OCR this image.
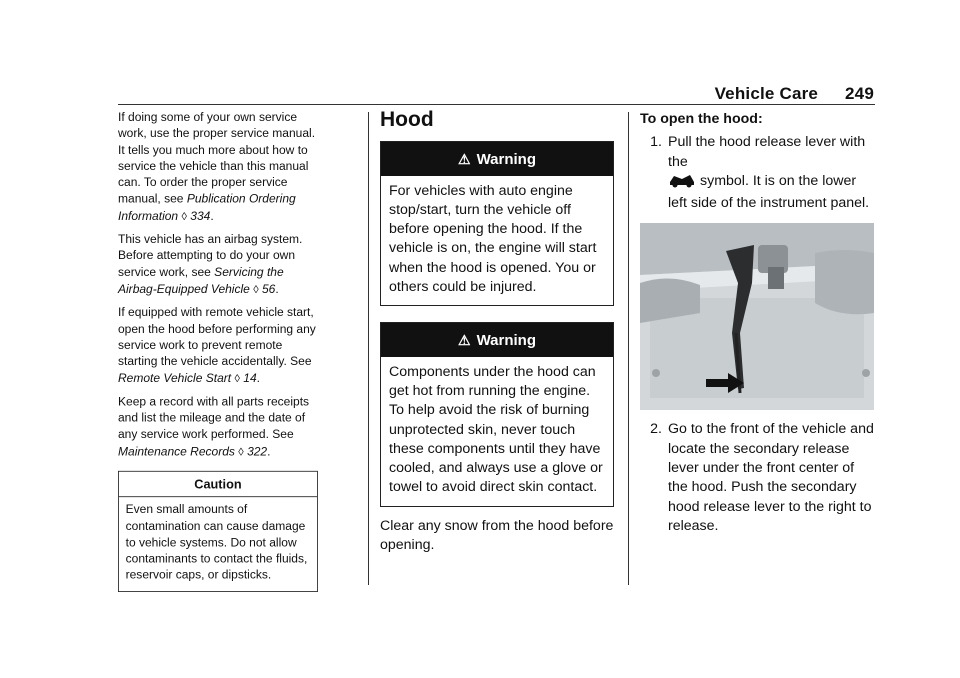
Vehicle Care 249

If doing some of your own service work, use the proper service manual. It tells you much more about how to service the vehicle than this manual can. To order the proper service manual, see Publication Ordering Information ◊ 334.

This vehicle has an airbag system. Before attempting to do your own service work, see Servicing the Airbag-Equipped Vehicle ◊ 56.

If equipped with remote vehicle start, open the hood before performing any service work to prevent remote starting the vehicle accidentally. See Remote Vehicle Start ◊ 14.

Keep a record with all parts receipts and list the mileage and the date of any service work performed. See Maintenance Records ◊ 322.

Caution
Even small amounts of contamination can cause damage to vehicle systems. Do not allow contaminants to contact the fluids, reservoir caps, or dipsticks.
Hood
⚠ Warning
For vehicles with auto engine stop/start, turn the vehicle off before opening the hood. If the vehicle is on, the engine will start when the hood is opened. You or others could be injured.
⚠ Warning
Components under the hood can get hot from running the engine. To help avoid the risk of burning unprotected skin, never touch these components until they have cooled, and always use a glove or towel to avoid direct skin contact.

Clear any snow from the hood before opening.

To open the hood:
1. Pull the hood release lever with the
symbol. It is on the lower left side of the instrument panel.
2. Go to the front of the vehicle and locate the secondary release lever under the front center of the hood. Push the secondary hood release lever to the right to release.
